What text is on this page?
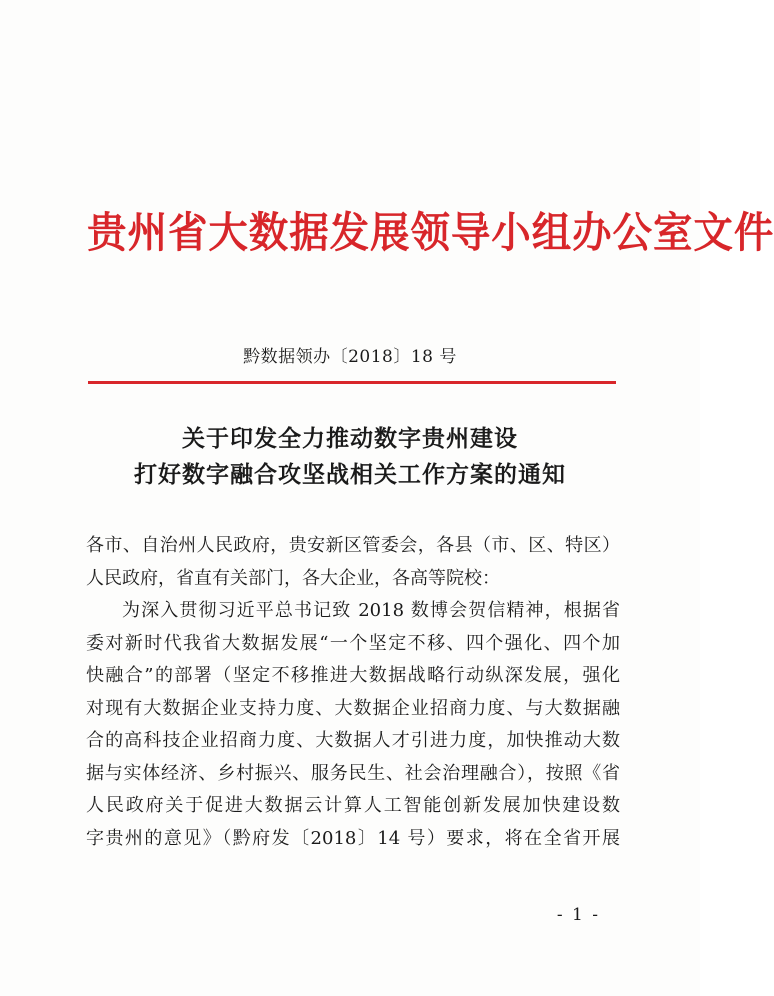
贵州省大数据发展领导小组办公室文件
黔数据领办〔2018〕18 号
关于印发全力推动数字贵州建设
打好数字融合攻坚战相关工作方案的通知
各市、自治州人民政府，贵安新区管委会，各县（市、区、特区）
人民政府，省直有关部门，各大企业，各高等院校：
为深入贯彻习近平总书记致 2018 数博会贺信精神，根据省
委对新时代我省大数据发展“一个坚定不移、四个强化、四个加
快融合”的部署（坚定不移推进大数据战略行动纵深发展，强化
对现有大数据企业支持力度、大数据企业招商力度、与大数据融
合的高科技企业招商力度、大数据人才引进力度，加快推动大数
据与实体经济、乡村振兴、服务民生、社会治理融合），按照《省
人民政府关于促进大数据云计算人工智能创新发展加快建设数
字贵州的意见》（黔府发〔2018〕14 号）要求，将在全省开展
- 1 -
